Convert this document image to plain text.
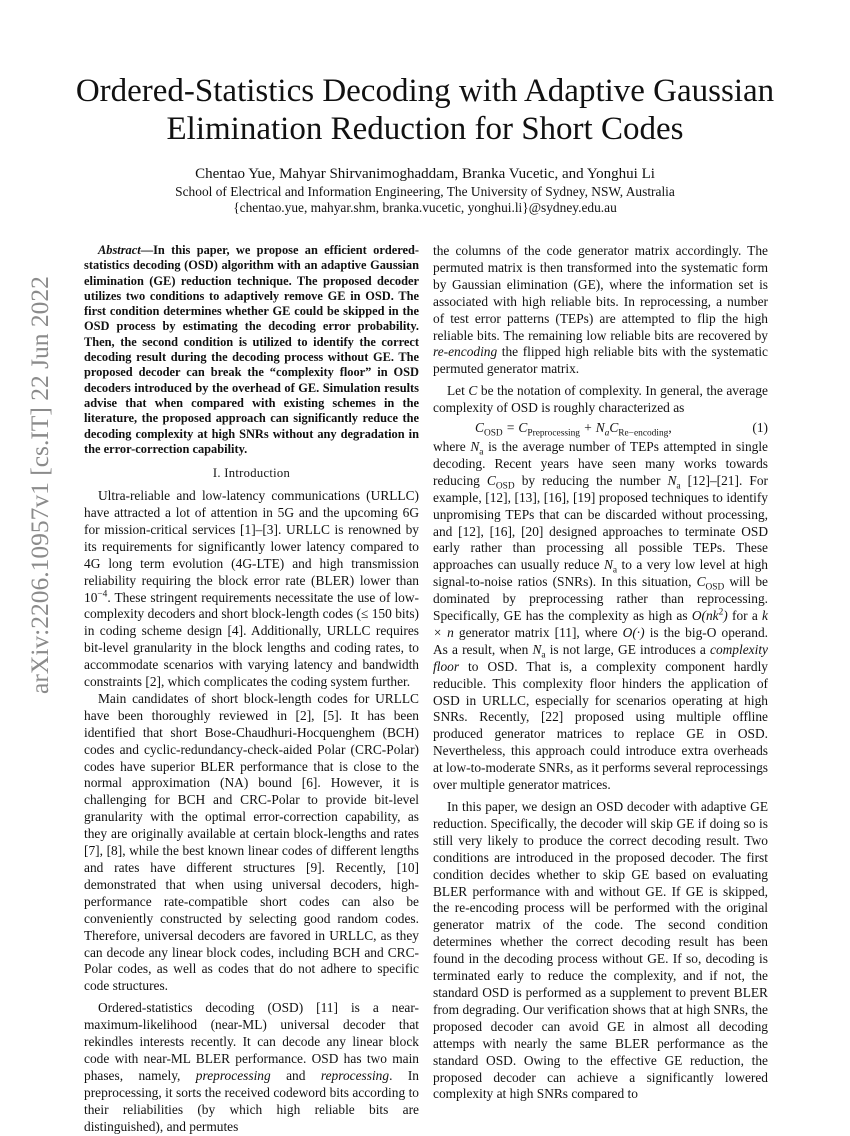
arXiv:2206.10957v1 [cs.IT] 22 Jun 2022
Ordered-Statistics Decoding with Adaptive Gaussian Elimination Reduction for Short Codes
Chentao Yue, Mahyar Shirvanimoghaddam, Branka Vucetic, and Yonghui Li
School of Electrical and Information Engineering, The University of Sydney, NSW, Australia
{chentao.yue, mahyar.shm, branka.vucetic, yonghui.li}@sydney.edu.au

Abstract—In this paper, we propose an efficient ordered-statistics decoding (OSD) algorithm with an adaptive Gaussian elimination (GE) reduction technique. The proposed decoder utilizes two conditions to adaptively remove GE in OSD. The first condition determines whether GE could be skipped in the OSD process by estimating the decoding error probability. Then, the second condition is utilized to identify the correct decoding result during the decoding process without GE. The proposed decoder can break the “complexity floor” in OSD decoders introduced by the overhead of GE. Simulation results advise that when compared with existing schemes in the literature, the proposed approach can significantly reduce the decoding complexity at high SNRs without any degradation in the error-correction capability.

I. Introduction

Ultra-reliable and low-latency communications (URLLC) have attracted a lot of attention in 5G and the upcoming 6G for mission-critical services [1]–[3]. URLLC is renowned by its requirements for significantly lower latency compared to 4G long term evolution (4G-LTE) and high transmission reliability requiring the block error rate (BLER) lower than $10^{-4}$. These stringent requirements necessitate the use of low-complexity decoders and short block-length codes (≤ 150 bits) in coding scheme design [4]. Additionally, URLLC requires bit-level granularity in the block lengths and coding rates, to accommodate scenarios with varying latency and bandwidth constraints [2], which complicates the coding system further.

Main candidates of short block-length codes for URLLC have been thoroughly reviewed in [2], [5]. It has been identified that short Bose-Chaudhuri-Hocquenghem (BCH) codes and cyclic-redundancy-check-aided Polar (CRC-Polar) codes have superior BLER performance that is close to the normal approximation (NA) bound [6]. However, it is challenging for BCH and CRC-Polar to provide bit-level granularity with the optimal error-correction capability, as they are originally available at certain block-lengths and rates [7], [8], while the best known linear codes of different lengths and rates have different structures [9]. Recently, [10] demonstrated that when using universal decoders, high-performance rate-compatible short codes can also be conveniently constructed by selecting good random codes. Therefore, universal decoders are favored in URLLC, as they can decode any linear block codes, including BCH and CRC-Polar codes, as well as codes that do not adhere to specific code structures.

Ordered-statistics decoding (OSD) [11] is a near-maximum-likelihood (near-ML) universal decoder that rekindles interests recently. It can decode any linear block code with near-ML BLER performance. OSD has two main phases, namely, preprocessing and reprocessing. In preprocessing, it sorts the received codeword bits according to their reliabilities (by which high reliable bits are distinguished), and permutes

the columns of the code generator matrix accordingly. The permuted matrix is then transformed into the systematic form by Gaussian elimination (GE), where the information set is associated with high reliable bits. In reprocessing, a number of test error patterns (TEPs) are attempted to flip the high reliable bits. The remaining low reliable bits are recovered by re-encoding the flipped high reliable bits with the systematic permuted generator matrix.

Let C be the notation of complexity. In general, the average complexity of OSD is roughly characterized as

$C_{OSD} = C_{Preprocessing} + N_aC_{Re-encoding}$,	(1)

where $N_a$ is the average number of TEPs attempted in single decoding. Recent years have seen many works towards reducing $C_{OSD}$ by reducing the number $N_a$ [12]–[21]. For example, [12], [13], [16], [19] proposed techniques to identify unpromising TEPs that can be discarded without processing, and [12], [16], [20] designed approaches to terminate OSD early rather than processing all possible TEPs. These approaches can usually reduce $N_a$ to a very low level at high signal-to-noise ratios (SNRs). In this situation, $C_{OSD}$ will be dominated by preprocessing rather than reprocessing. Specifically, GE has the complexity as high as $O(nk^2)$ for a k × n generator matrix [11], where O(·) is the big-O operand. As a result, when $N_a$ is not large, GE introduces a complexity floor to OSD. That is, a complexity component hardly reducible. This complexity floor hinders the application of OSD in URLLC, especially for scenarios operating at high SNRs. Recently, [22] proposed using multiple offline produced generator matrices to replace GE in OSD. Nevertheless, this approach could introduce extra overheads at low-to-moderate SNRs, as it performs several reprocessings over multiple generator matrices.

In this paper, we design an OSD decoder with adaptive GE reduction. Specifically, the decoder will skip GE if doing so is still very likely to produce the correct decoding result. Two conditions are introduced in the proposed decoder. The first condition decides whether to skip GE based on evaluating BLER performance with and without GE. If GE is skipped, the re-encoding process will be performed with the original generator matrix of the code. The second condition determines whether the correct decoding result has been found in the decoding process without GE. If so, decoding is terminated early to reduce the complexity, and if not, the standard OSD is performed as a supplement to prevent BLER from degrading. Our verification shows that at high SNRs, the proposed decoder can avoid GE in almost all decoding attemps with nearly the same BLER performance as the standard OSD. Owing to the effective GE reduction, the proposed decoder can achieve a significantly lowered complexity at high SNRs compared to
